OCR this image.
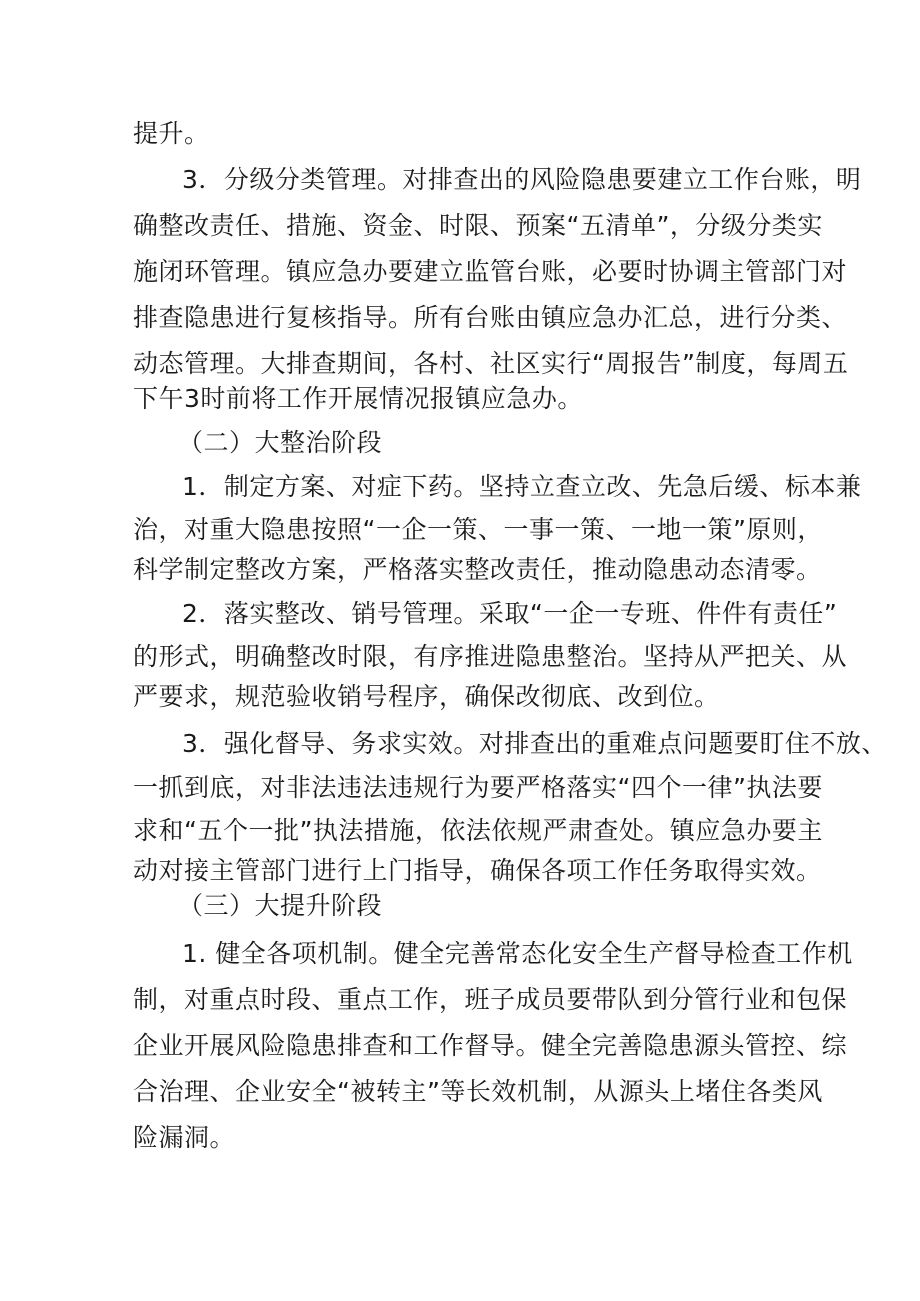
提升。
3．分级分类管理。对排查出的风险隐患要建立工作台账，明
确整改责任、措施、资金、时限、预案“五清单”，分级分类实
施闭环管理。镇应急办要建立监管台账，必要时协调主管部门对
排查隐患进行复核指导。所有台账由镇应急办汇总，进行分类、
动态管理。大排查期间，各村、社区实行“周报告”制度，每周五
下午3时前将工作开展情况报镇应急办。
（二）大整治阶段
1．制定方案、对症下药。坚持立查立改、先急后缓、标本兼
治，对重大隐患按照“一企一策、一事一策、一地一策”原则，
科学制定整改方案，严格落实整改责任，推动隐患动态清零。
2．落实整改、销号管理。采取“一企一专班、件件有责任”
的形式，明确整改时限，有序推进隐患整治。坚持从严把关、从
严要求，规范验收销号程序，确保改彻底、改到位。
3．强化督导、务求实效。对排查出的重难点问题要盯住不放、
一抓到底，对非法违法违规行为要严格落实“四个一律”执法要
求和“五个一批”执法措施，依法依规严肃查处。镇应急办要主
动对接主管部门进行上门指导，确保各项工作任务取得实效。
（三）大提升阶段
1. 健全各项机制。健全完善常态化安全生产督导检查工作机
制，对重点时段、重点工作，班子成员要带队到分管行业和包保
企业开展风险隐患排查和工作督导。健全完善隐患源头管控、综
合治理、企业安全“被转主”等长效机制，从源头上堵住各类风
险漏洞。
